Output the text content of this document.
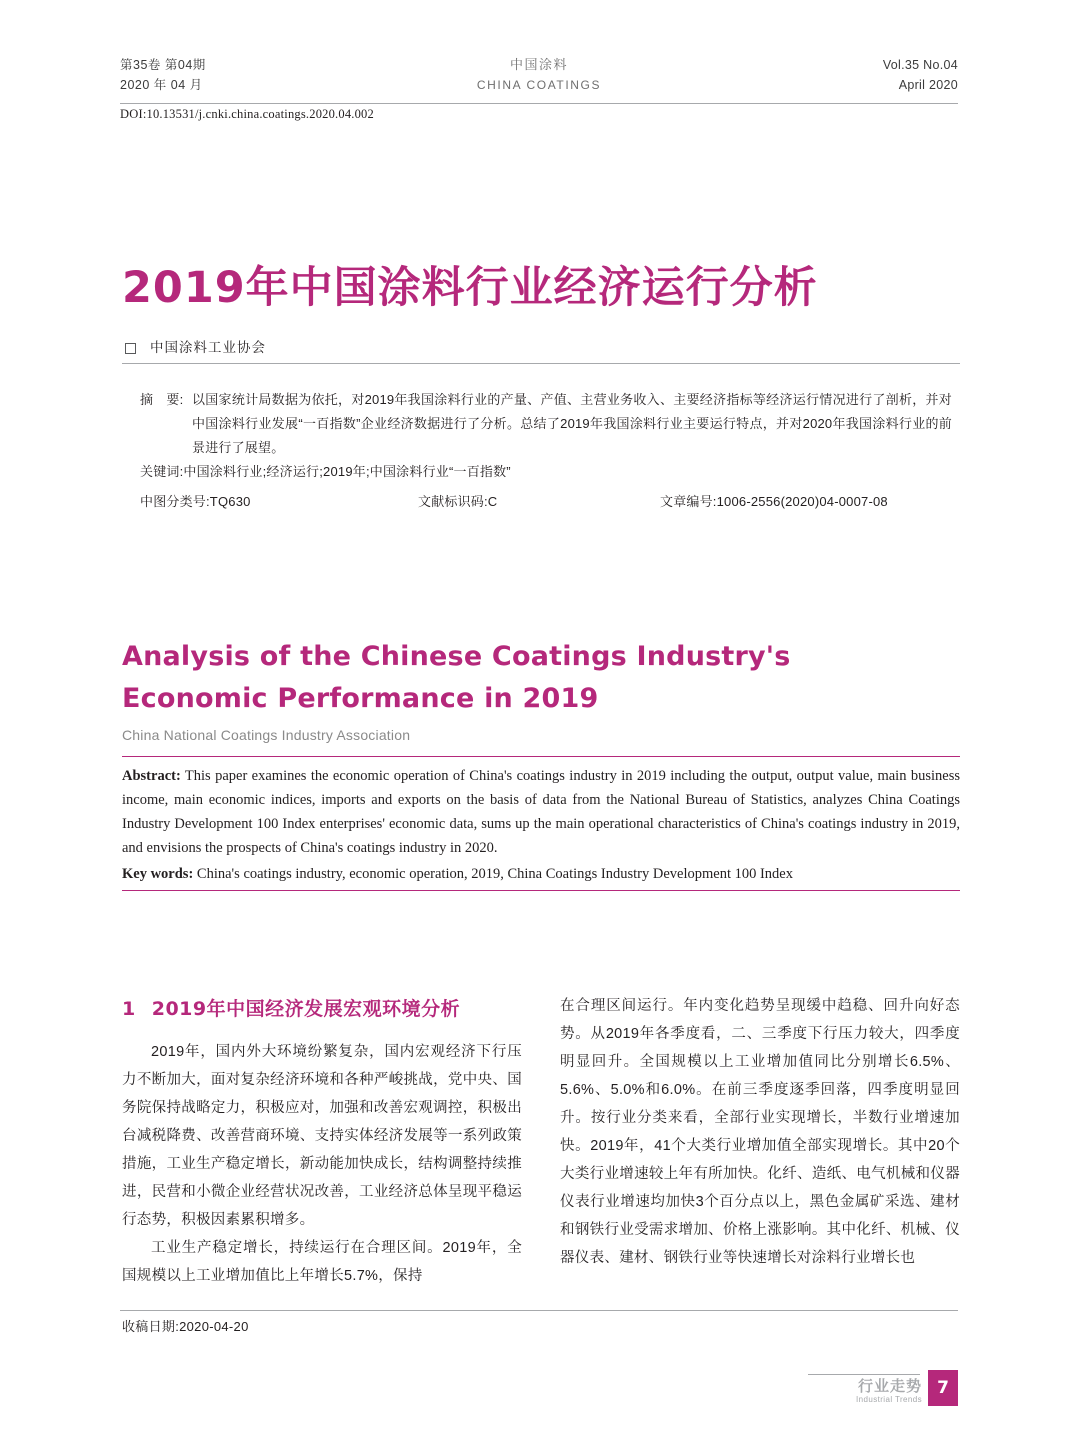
第35卷 第04期
2020 年 04 月
中国涂料
CHINA COATINGS
Vol.35 No.04
April 2020
DOI:10.13531/j.cnki.china.coatings.2020.04.002
2019年中国涂料行业经济运行分析
中国涂料工业协会
摘　要: 以国家统计局数据为依托，对2019年我国涂料行业的产量、产值、主营业务收入、主要经济指标等经济运行情况进行了剖析，并对中国涂料行业发展“一百指数”企业经济数据进行了分析。总结了2019年我国涂料行业主要运行特点，并对2020年我国涂料行业的前景进行了展望。
关键词:中国涂料行业;经济运行;2019年;中国涂料行业“一百指数”
中图分类号:TQ630	文献标识码:C	文章编号:1006-2556(2020)04-0007-08
Analysis of the Chinese Coatings Industry's Economic Performance in 2019
China National Coatings Industry Association
Abstract: This paper examines the economic operation of China's coatings industry in 2019 including the output, output value, main business income, main economic indices, imports and exports on the basis of data from the National Bureau of Statistics, analyzes China Coatings Industry Development 100 Index enterprises' economic data, sums up the main operational characteristics of China's coatings industry in 2019, and envisions the prospects of China's coatings industry in 2020.
Key words: China's coatings industry, economic operation, 2019, China Coatings Industry Development 100 Index
1 2019年中国经济发展宏观环境分析

2019年，国内外大环境纷繁复杂，国内宏观经济下行压力不断加大，面对复杂经济环境和各种严峻挑战，党中央、国务院保持战略定力，积极应对，加强和改善宏观调控，积极出台减税降费、改善营商环境、支持实体经济发展等一系列政策措施，工业生产稳定增长，新动能加快成长，结构调整持续推进，民营和小微企业经营状况改善，工业经济总体呈现平稳运行态势，积极因素累积增多。

工业生产稳定增长，持续运行在合理区间。2019年，全国规模以上工业增加值比上年增长5.7%，保持

在合理区间运行。年内变化趋势呈现缓中趋稳、回升向好态势。从2019年各季度看，二、三季度下行压力较大，四季度明显回升。全国规模以上工业增加值同比分别增长6.5%、5.6%、5.0%和6.0%。在前三季度逐季回落，四季度明显回升。按行业分类来看，全部行业实现增长，半数行业增速加快。2019年，41个大类行业增加值全部实现增长。其中20个大类行业增速较上年有所加快。化纤、造纸、电气机械和仪器仪表行业增速均加快3个百分点以上，黑色金属矿采选、建材和钢铁行业受需求增加、价格上涨影响。其中化纤、机械、仪器仪表、建材、钢铁行业等快速增长对涂料行业增长也

收稿日期:2020-04-20
行业走势
Industrial Trends
7
